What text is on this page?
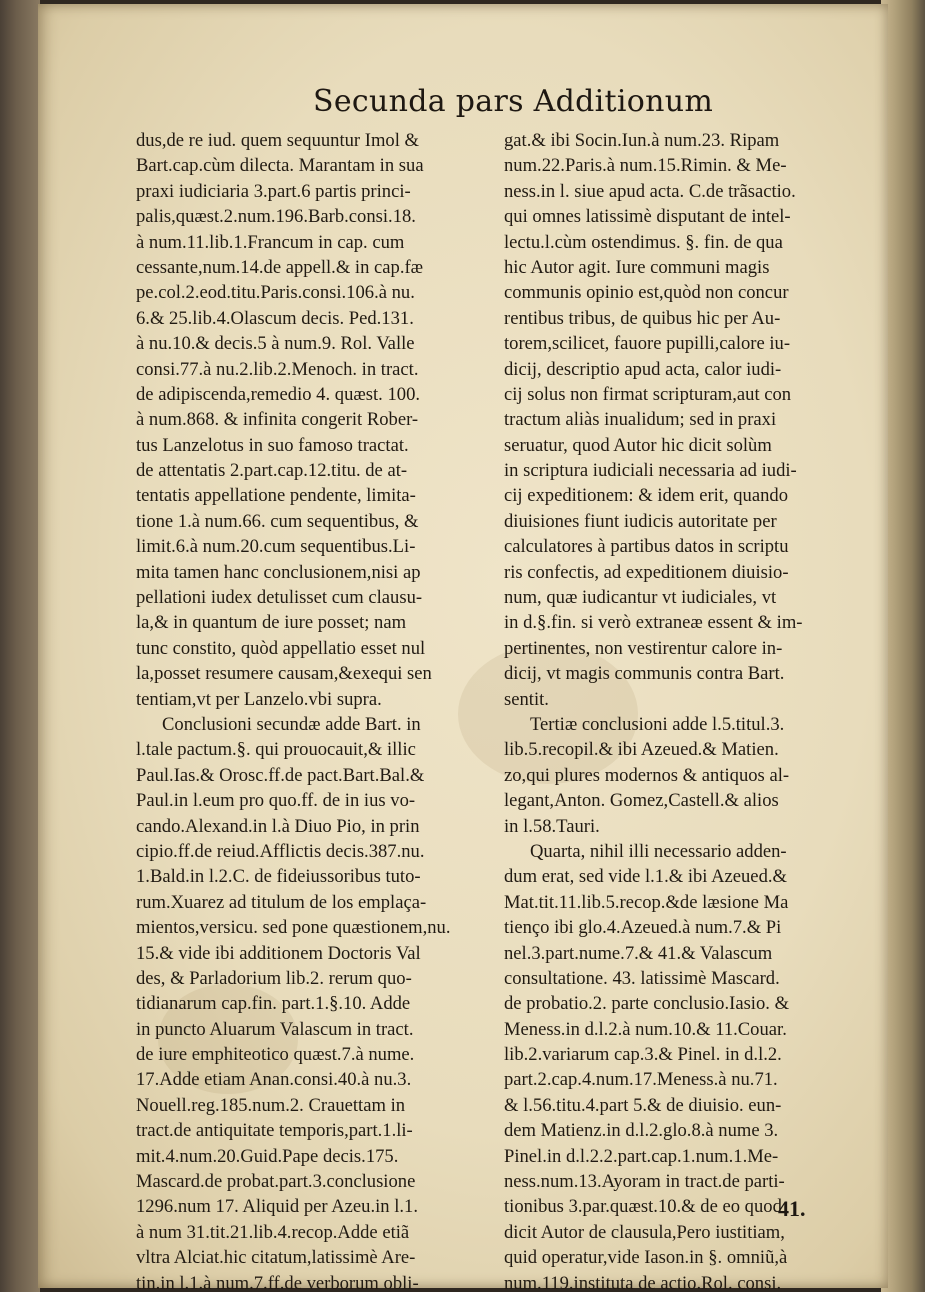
Secunda pars Additionum
dus,de re iud. quem sequuntur Imol &
Bart.cap.cùm dilecta. Marantam in sua
praxi iudiciaria 3.part.6 partis princi-
palis,quæst.2.num.196.Barb.consi.18.
à num.11.lib.1.Francum in cap. cum
cessante,num.14.de appell.& in cap.fæ
pe.col.2.eod.titu.Paris.consi.106.à nu.
6.& 25.lib.4.Olascum decis. Ped.131.
à nu.10.& decis.5 à num.9. Rol. Valle
consi.77.à nu.2.lib.2.Menoch. in tract.
de adipiscenda,remedio 4. quæst. 100.
à num.868. & infinita congerit Rober-
tus Lanzelotus in suo famoso tractat.
de attentatis 2.part.cap.12.titu. de at-
tentatis appellatione pendente, limita-
tione 1.à num.66. cum sequentibus, &
limit.6.à num.20.cum sequentibus.Li-
mita tamen hanc conclusionem,nisi ap
pellationi iudex detulisset cum clausu-
la,& in quantum de iure posset; nam
tunc constito, quòd appellatio esset nul
la,posset resumere causam,&exequi sen
tentiam,vt per Lanzelo.vbi supra.
Conclusioni secundæ adde Bart. in
l.tale pactum.§. qui prouocauit,& illic
Paul.Ias.& Orosc.ff.de pact.Bart.Bal.&
Paul.in l.eum pro quo.ff. de in ius vo-
cando.Alexand.in l.à Diuo Pio, in prin
cipio.ff.de reiud.Afflictis decis.387.nu.
1.Bald.in l.2.C. de fideiussoribus tuto-
rum.Xuarez ad titulum de los emplaça-
mientos,versicu. sed pone quæstionem,nu.
15.& vide ibi additionem Doctoris Val
des, & Parladorium lib.2. rerum quo-
tidianarum cap.fin. part.1.§.10. Adde
in puncto Aluarum Valascum in tract.
de iure emphiteotico quæst.7.à nume.
17.Adde etiam Anan.consi.40.à nu.3.
Nouell.reg.185.num.2. Crauettam in
tract.de antiquitate temporis,part.1.li-
mit.4.num.20.Guid.Pape decis.175.
Mascard.de probat.part.3.conclusione
1296.num 17. Aliquid per Azeu.in l.1.
à num 31.tit.21.lib.4.recop.Adde etiã
vltra Alciat.hic citatum,latissimè Are-
tin.in l.1.à num.7.ff.de verborum obli-
gat.& ibi Socin.Iun.à num.23. Ripam
num.22.Paris.à num.15.Rimin. & Me-
ness.in l. siue apud acta. C.de trãsactio.
qui omnes latissimè disputant de intel-
lectu.l.cùm ostendimus. §. fin. de qua
hic Autor agit. Iure communi magis
communis opinio est,quòd non concur
rentibus tribus, de quibus hic per Au-
torem,scilicet, fauore pupilli,calore iu-
dicij, descriptio apud acta, calor iudi-
cij solus non firmat scripturam,aut con
tractum aliàs inualidum; sed in praxi
seruatur, quod Autor hic dicit solùm
in scriptura iudiciali necessaria ad iudi-
cij expeditionem: & idem erit, quando
diuisiones fiunt iudicis autoritate per
calculatores à partibus datos in scriptu
ris confectis, ad expeditionem diuisio-
num, quæ iudicantur vt iudiciales, vt
in d.§.fin. si verò extraneæ essent & im-
pertinentes, non vestirentur calore in-
dicij, vt magis communis contra Bart.
sentit.
Tertiæ conclusioni adde l.5.titul.3.
lib.5.recopil.& ibi Azeued.& Matien.
zo,qui plures modernos & antiquos al-
legant,Anton. Gomez,Castell.& alios
in l.58.Tauri.
Quarta, nihil illi necessario adden-
dum erat, sed vide l.1.& ibi Azeued.&
Mat.tit.11.lib.5.recop.&de læsione Ma
tienço ibi glo.4.Azeued.à num.7.& Pi
nel.3.part.nume.7.& 41.& Valascum
consultatione. 43. latissimè Mascard.
de probatio.2. parte conclusio.Iasio. &
Meness.in d.l.2.à num.10.& 11.Couar.
lib.2.variarum cap.3.& Pinel. in d.l.2.
part.2.cap.4.num.17.Meness.à nu.71.
& l.56.titu.4.part 5.& de diuisio. eun-
dem Matienz.in d.l.2.glo.8.à nume 3.
Pinel.in d.l.2.2.part.cap.1.num.1.Me-
ness.num.13.Ayoram in tract.de parti-
tionibus 3.par.quæst.10.& de eo quod
dicit Autor de clausula,Pero iustitiam,
quid operatur,vide Iason.in §. omniũ,à
num.119.instituta de actio.Rol. consi.
41.
